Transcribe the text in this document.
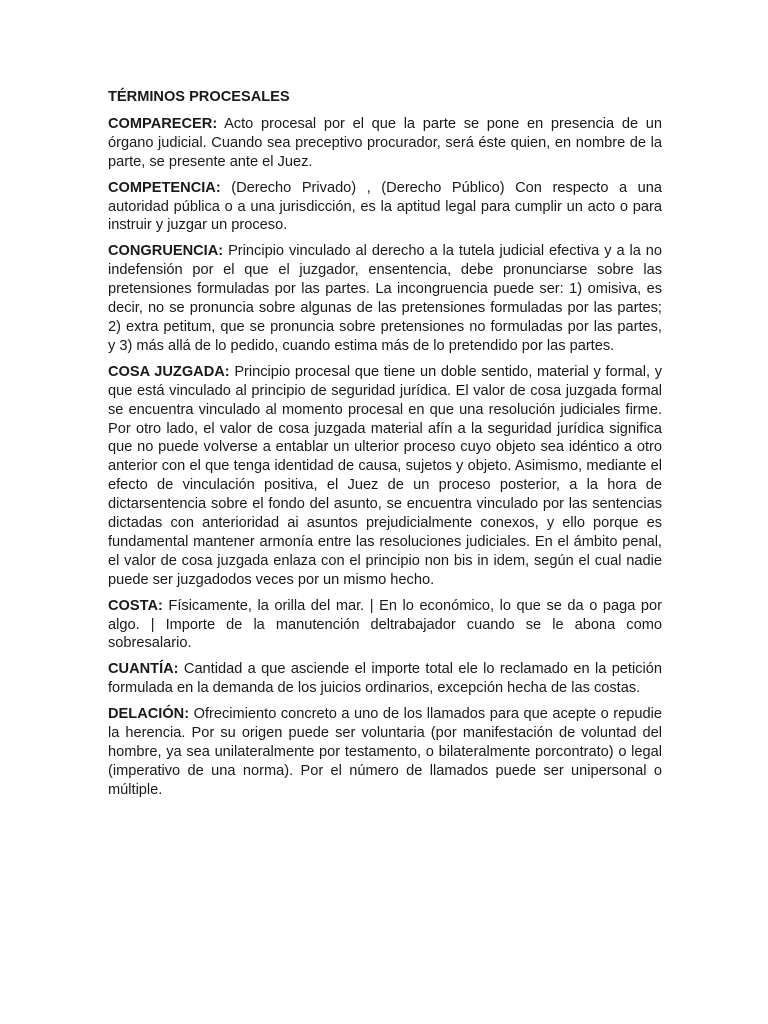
TÉRMINOS PROCESALES

COMPARECER: Acto procesal por el que la parte se pone en presencia de un órgano judicial. Cuando sea preceptivo procurador, será éste quien, en nombre de la parte, se presente ante el Juez.

COMPETENCIA: (Derecho Privado) , (Derecho Público) Con respecto a una autoridad pública o a una jurisdicción, es la aptitud legal para cumplir un acto o para instruir y juzgar un proceso.

CONGRUENCIA: Principio vinculado al derecho a la tutela judicial efectiva y a la no indefensión por el que el juzgador, ensentencia, debe pronunciarse sobre las pretensiones formuladas por las partes. La incongruencia puede ser: 1) omisiva, es decir, no se pronuncia sobre algunas de las pretensiones formuladas por las partes; 2) extra petitum, que se pronuncia sobre pretensiones no formuladas por las partes, y 3) más allá de lo pedido, cuando estima más de lo pretendido por las partes.

COSA JUZGADA: Principio procesal que tiene un doble sentido, material y formal, y que está vinculado al principio de seguridad jurídica. El valor de cosa juzgada formal se encuentra vinculado al momento procesal en que una resolución judiciales firme. Por otro lado, el valor de cosa juzgada material afín a la seguridad jurídica significa que no puede volverse a entablar un ulterior proceso cuyo objeto sea idéntico a otro anterior con el que tenga identidad de causa, sujetos y objeto. Asimismo, mediante el efecto de vinculación positiva, el Juez de un proceso posterior, a la hora de dictarsentencia sobre el fondo del asunto, se encuentra vinculado por las sentencias dictadas con anterioridad ai asuntos prejudicialmente conexos, y ello porque es fundamental mantener armonía entre las resoluciones judiciales. En el ámbito penal, el valor de cosa juzgada enlaza con el principio non bis in idem, según el cual nadie puede ser juzgadodos veces por un mismo hecho.

COSTA: Físicamente, la orilla del mar. | En lo económico, lo que se da o paga por algo. | Importe de la manutención deltrabajador cuando se le abona como sobresalario.

CUANTÍA: Cantidad a que asciende el importe total ele lo reclamado en la petición formulada en la demanda de los juicios ordinarios, excepción hecha de las costas.

DELACIÓN: Ofrecimiento concreto a uno de los llamados para que acepte o repudie la herencia. Por su origen puede ser voluntaria (por manifestación de voluntad del hombre, ya sea unilateralmente por testamento, o bilateralmente porcontrato) o legal (imperativo de una norma). Por el número de llamados puede ser unipersonal o múltiple.
